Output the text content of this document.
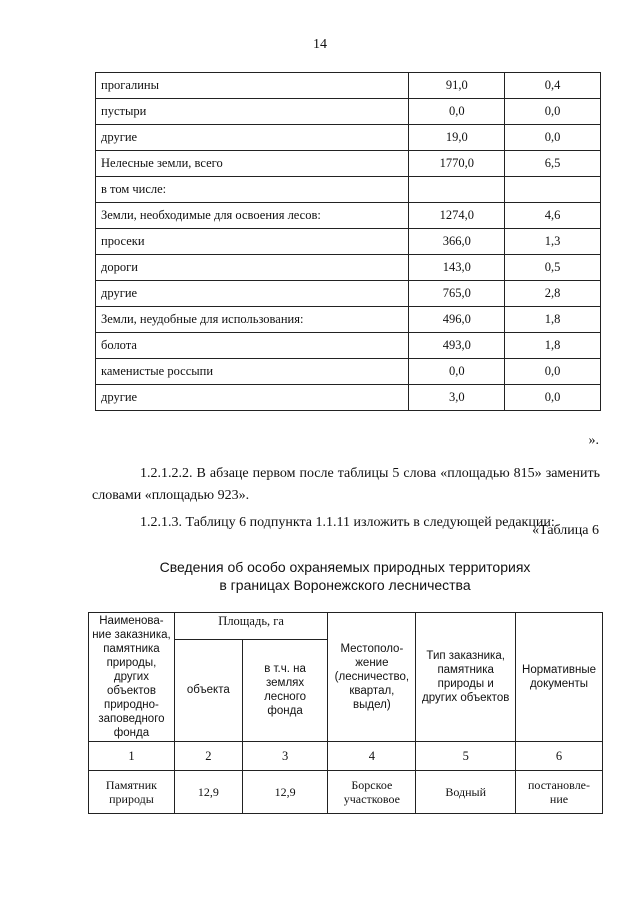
14
прогалины	91,0	0,4
пустыри	0,0	0,0
другие	19,0	0,0
Нелесные земли, всего	1770,0	6,5
в том числе:		
Земли, необходимые для освоения лесов:	1274,0	4,6
просеки	366,0	1,3
дороги	143,0	0,5
другие	765,0	2,8
Земли, неудобные для использования:	496,0	1,8
болота	493,0	1,8
каменистые россыпи	0,0	0,0
другие	3,0	0,0
».

1.2.1.2.2. В абзаце первом после таблицы 5 слова «площадью 815» заменить словами «площадью 923».

1.2.1.3. Таблицу 6 подпункта 1.1.11 изложить в следующей редакции:

«Таблица 6
Сведения об особо охраняемых природных территориях
в границах Воронежского лесничества
Наименова-ние заказника, памятника природы, других объектов природно-заповедного фонда	Площадь, га		Местополо-жение (лесничество, квартал, выдел)	Тип заказника, памятника природы и других объектов	Нормативные документы
	объекта	в т.ч. на землях лесного фонда			
1	2	3	4	5	6
Памятник природы	12,9	12,9	Борское участковое	Водный	постановле-ние
